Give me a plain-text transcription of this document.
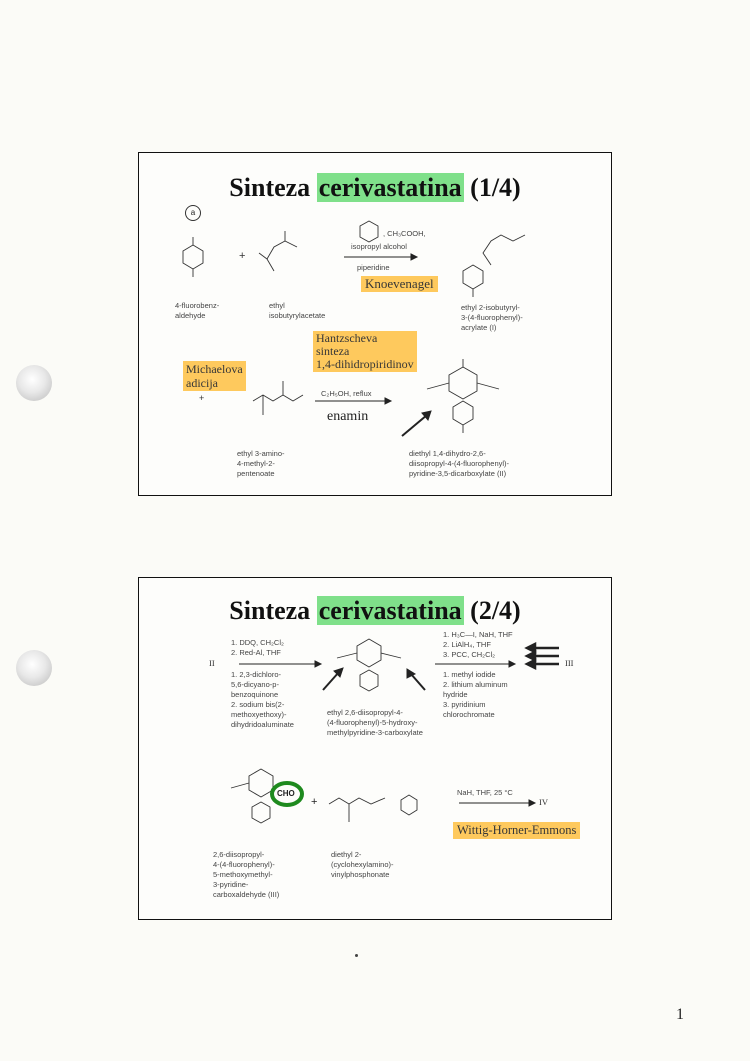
Sinteza cerivastatina (1/4)
a
+
+
, CH₃COOH,
isopropyl alcohol
piperidine
Knoevenagel
4-fluorobenz-
aldehyde
ethyl
isobutyrylacetate
ethyl 2-isobutyryl-
3-(4-fluorophenyl)-
acrylate (I)
Hantzscheva
sinteza
1,4-dihidropiridinov
Michaelova
adicija
C₂H₅OH, reflux
enamin
ethyl 3-amino-
4-methyl-2-
pentenoate
diethyl 1,4-dihydro-2,6-
diisopropyl-4-(4-fluorophenyl)-
pyridine-3,5-dicarboxylate (II)
Sinteza cerivastatina (2/4)
II	III
IV
1. DDQ, CH₂Cl₂
2. Red-Al, THF
1. 2,3-dichloro-
5,6-dicyano-p-
benzoquinone
2. sodium bis(2-
methoxyethoxy)-
dihydridoaluminate
1. H₃C—I, NaH, THF
2. LiAlH₄, THF
3. PCC, CH₂Cl₂
1. methyl iodide
2. lithium aluminum
hydride
3. pyridinium
chlorochromate
ethyl 2,6-diisopropyl-4-
(4-fluorophenyl)-5-hydroxy-
methylpyridine-3-carboxylate
CHO
+
2,6-diisopropyl-
4-(4-fluorophenyl)-
5-methoxymethyl-
3-pyridine-
carboxaldehyde (III)
diethyl 2-
(cyclohexylamino)-
vinylphosphonate
NaH, THF, 25 °C
Wittig-Horner-Emmons
1
